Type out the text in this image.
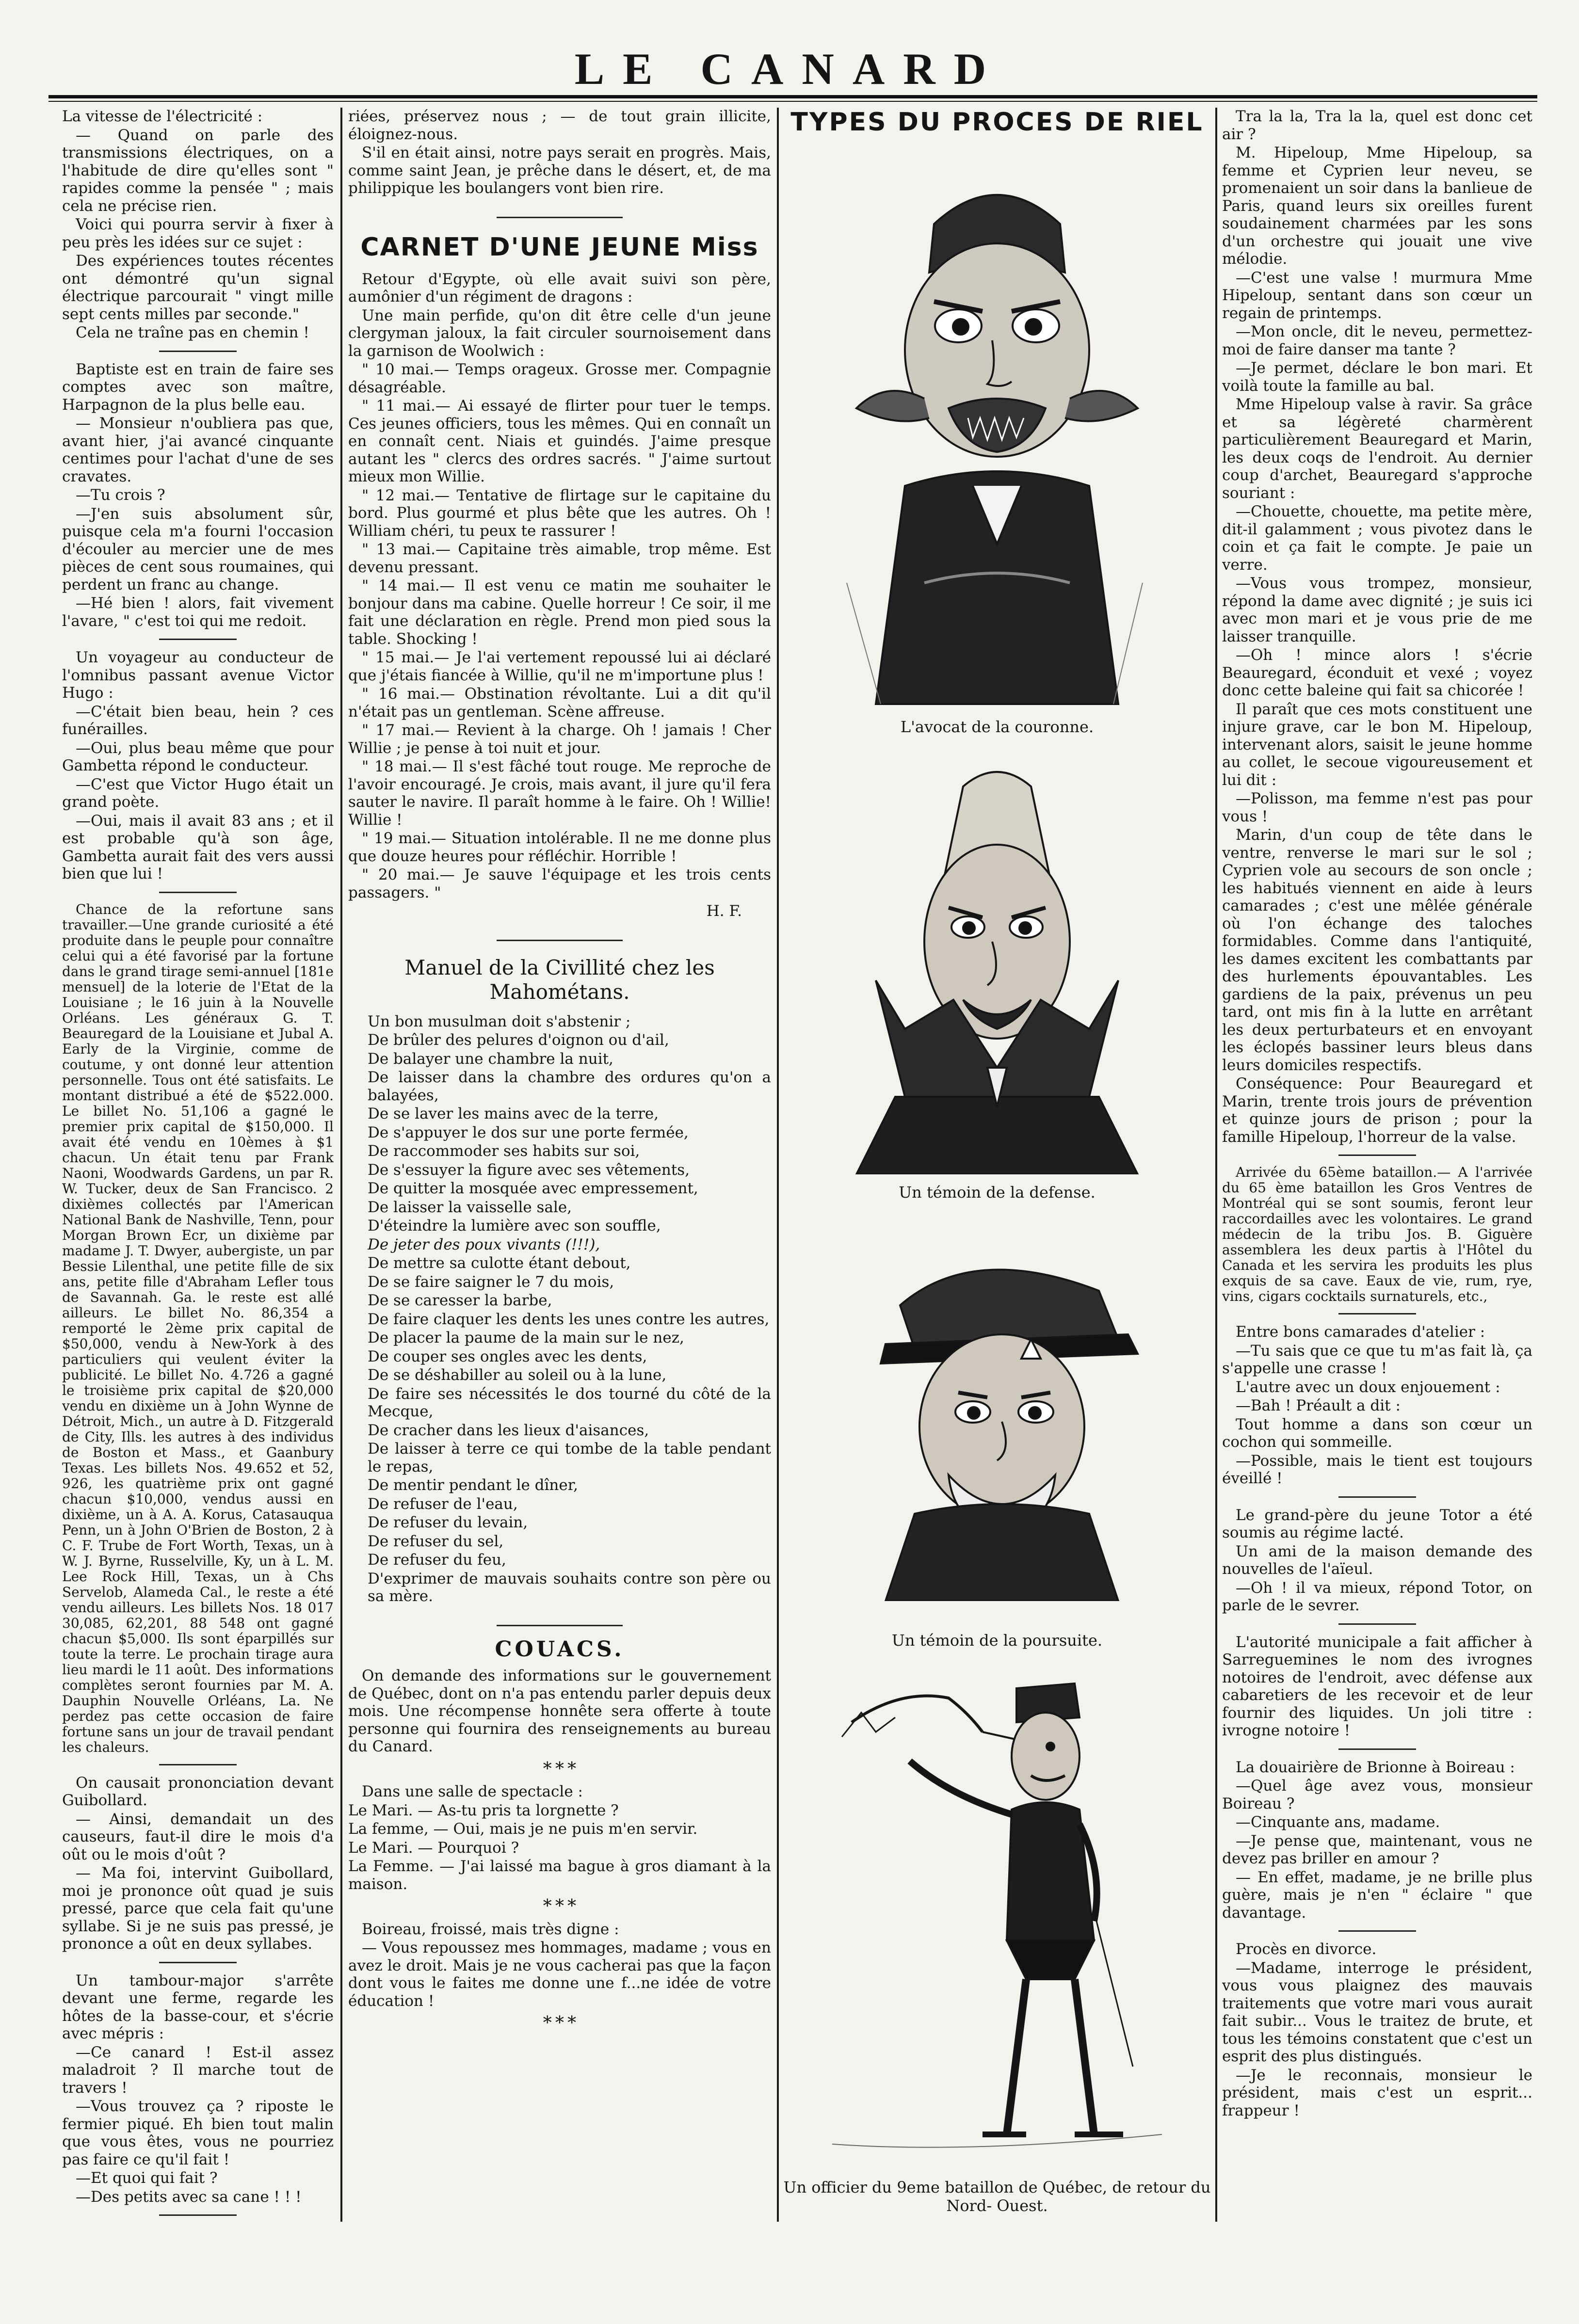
LE CANARD

La vitesse de l'électricité :

— Quand on parle des transmissions électriques, on a l'habitude de dire qu'elles sont " rapides comme la pensée " ; mais cela ne précise rien.

Voici qui pourra servir à fixer à peu près les idées sur ce sujet :

Des expériences toutes récentes ont démontré qu'un signal électrique parcourait " vingt mille sept cents milles par seconde."

Cela ne traîne pas en chemin !

Baptiste est en train de faire ses comptes avec son maître, Harpagnon de la plus belle eau.

— Monsieur n'oubliera pas que, avant hier, j'ai avancé cinquante centimes pour l'achat d'une de ses cravates.

—Tu crois ?

—J'en suis absolument sûr, puisque cela m'a fourni l'occasion d'écouler au mercier une de mes pièces de cent sous roumaines, qui perdent un franc au change.

—Hé bien ! alors, fait vivement l'avare, " c'est toi qui me redoit.

Un voyageur au conducteur de l'omnibus passant avenue Victor Hugo :

—C'était bien beau, hein ? ces funérailles.

—Oui, plus beau même que pour Gambetta répond le conducteur.

—C'est que Victor Hugo était un grand poète.

—Oui, mais il avait 83 ans ; et il est probable qu'à son âge, Gambetta aurait fait des vers aussi bien que lui !

Chance de la refortune sans travailler.—Une grande curiosité a été produite dans le peuple pour connaître celui qui a été favorisé par la fortune dans le grand tirage semi-annuel [181e mensuel] de la loterie de l'Etat de la Louisiane ; le 16 juin à la Nouvelle Orléans. Les généraux G. T. Beauregard de la Louisiane et Jubal A. Early de la Virginie, comme de coutume, y ont donné leur attention personnelle. Tous ont été satisfaits. Le montant distribué a été de $522.000. Le billet No. 51,106 a gagné le premier prix capital de $150,000. Il avait été vendu en 10èmes à $1 chacun. Un était tenu par Frank Naoni, Woodwards Gardens, un par R. W. Tucker, deux de San Francisco. 2 dixièmes collectés par l'American National Bank de Nashville, Tenn, pour Morgan Brown Ecr, un dixième par madame J. T. Dwyer, aubergiste, un par Bessie Lilenthal, une petite fille de six ans, petite fille d'Abraham Lefler tous de Savannah. Ga. le reste est allé ailleurs. Le billet No. 86,354 a remporté le 2ème prix capital de $50,000, vendu à New-York à des particuliers qui veulent éviter la publicité. Le billet No. 4.726 a gagné le troisième prix capital de $20,000 vendu en dixième un à John Wynne de Détroit, Mich., un autre à D. Fitzgerald de City, Ills. les autres à des individus de Boston et Mass., et Gaanbury Texas. Les billets Nos. 49.652 et 52, 926, les quatrième prix ont gagné chacun $10,000, vendus aussi en dixième, un à A. A. Korus, Catasauqua Penn, un à John O'Brien de Boston, 2 à C. F. Trube de Fort Worth, Texas, un à W. J. Byrne, Russelville, Ky, un à L. M. Lee Rock Hill, Texas, un à Chs Servelob, Alameda Cal., le reste a été vendu ailleurs. Les billets Nos. 18 017 30,085, 62,201, 88 548 ont gagné chacun $5,000. Ils sont éparpillés sur toute la terre. Le prochain tirage aura lieu mardi le 11 août. Des informations complètes seront fournies par M. A. Dauphin Nouvelle Orléans, La. Ne perdez pas cette occasion de faire fortune sans un jour de travail pendant les chaleurs.

On causait prononciation devant Guibollard.

— Ainsi, demandait un des causeurs, faut-il dire le mois d'a oût ou le mois d'oût ?

— Ma foi, intervint Guibollard, moi je prononce oût quad je suis pressé, parce que cela fait qu'une syllabe. Si je ne suis pas pressé, je prononce a oût en deux syllabes.

Un tambour-major s'arrête devant une ferme, regarde les hôtes de la basse-cour, et s'écrie avec mépris :

—Ce canard ! Est-il assez maladroit ? Il marche tout de travers !

—Vous trouvez ça ? riposte le fermier piqué. Eh bien tout malin que vous êtes, vous ne pourriez pas faire ce qu'il fait !

—Et quoi qui fait ?

—Des petits avec sa cane ! ! !

riées, préservez nous ; — de tout grain illicite, éloignez-nous.

S'il en était ainsi, notre pays serait en progrès. Mais, comme saint Jean, je prêche dans le désert, et, de ma philippique les boulangers vont bien rire.

CARNET D'UNE JEUNE Miss

Retour d'Egypte, où elle avait suivi son père, aumônier d'un régiment de dragons :

Une main perfide, qu'on dit être celle d'un jeune clergyman jaloux, la fait circuler sournoisement dans la garnison de Woolwich :

" 10 mai.— Temps orageux. Grosse mer. Compagnie désagréable.

" 11 mai.— Ai essayé de flirter pour tuer le temps. Ces jeunes officiers, tous les mêmes. Qui en connaît un en connaît cent. Niais et guindés. J'aime presque autant les " clercs des ordres sacrés. " J'aime surtout mieux mon Willie.

" 12 mai.— Tentative de flirtage sur le capitaine du bord. Plus gourmé et plus bête que les autres. Oh ! William chéri, tu peux te rassurer !

" 13 mai.— Capitaine très aimable, trop même. Est devenu pressant.

" 14 mai.— Il est venu ce matin me souhaiter le bonjour dans ma cabine. Quelle horreur ! Ce soir, il me fait une déclaration en règle. Prend mon pied sous la table. Shocking !

" 15 mai.— Je l'ai vertement repoussé lui ai déclaré que j'étais fiancée à Willie, qu'il ne m'importune plus !

" 16 mai.— Obstination révoltante. Lui a dit qu'il n'était pas un gentleman. Scène affreuse.

" 17 mai.— Revient à la charge. Oh ! jamais ! Cher Willie ; je pense à toi nuit et jour.

" 18 mai.— Il s'est fâché tout rouge. Me reproche de l'avoir encouragé. Je crois, mais avant, il jure qu'il fera sauter le navire. Il paraît homme à le faire. Oh ! Willie! Willie !

" 19 mai.— Situation intolérable. Il ne me donne plus que douze heures pour réfléchir. Horrible !

" 20 mai.— Je sauve l'équipage et les trois cents passagers. "

H. F.

Manuel de la Civillité chez les Mahométans.

Un bon musulman doit s'abstenir ;

De brûler des pelures d'oignon ou d'ail,

De balayer une chambre la nuit,

De laisser dans la chambre des ordures qu'on a balayées,

De se laver les mains avec de la terre,

De s'appuyer le dos sur une porte fermée,

De raccommoder ses habits sur soi,

De s'essuyer la figure avec ses vêtements,

De quitter la mosquée avec empressement,

De laisser la vaisselle sale,

D'éteindre la lumière avec son souffle,

De jeter des poux vivants (!!!),

De mettre sa culotte étant debout,

De se faire saigner le 7 du mois,

De se caresser la barbe,

De faire claquer les dents les unes contre les autres,

De placer la paume de la main sur le nez,

De couper ses ongles avec les dents,

De se déshabiller au soleil ou à la lune,

De faire ses nécessités le dos tourné du côté de la Mecque,

De cracher dans les lieux d'aisances,

De laisser à terre ce qui tombe de la table pendant le repas,

De mentir pendant le dîner,

De refuser de l'eau,

De refuser du levain,

De refuser du sel,

De refuser du feu,

D'exprimer de mauvais souhaits contre son père ou sa mère.

COUACS.

On demande des informations sur le gouvernement de Québec, dont on n'a pas entendu parler depuis deux mois. Une récompense honnête sera offerte à toute personne qui fournira des renseignements au bureau du Canard.

* * *

Dans une salle de spectacle :

Le Mari. — As-tu pris ta lorgnette ?

La femme, — Oui, mais je ne puis m'en servir.

Le Mari. — Pourquoi ?

La Femme. — J'ai laissé ma bague à gros diamant à la maison.

* * *

Boireau, froissé, mais très digne :

— Vous repoussez mes hommages, madame ; vous en avez le droit. Mais je ne vous cacherai pas que la façon dont vous le faites me donne une f...ne idée de votre éducation !

* * *
TYPES DU PROCES DE RIEL
L'avocat de la couronne.
Un témoin de la defense.
Un témoin de la poursuite.
Un officier du 9eme bataillon de Québec, de retour du Nord- Ouest.

Tra la la, Tra la la, quel est donc cet air ?

M. Hipeloup, Mme Hipeloup, sa femme et Cyprien leur neveu, se promenaient un soir dans la banlieue de Paris, quand leurs six oreilles furent soudainement charmées par les sons d'un orchestre qui jouait une vive mélodie.

—C'est une valse ! murmura Mme Hipeloup, sentant dans son cœur un regain de printemps.

—Mon oncle, dit le neveu, permettez-moi de faire danser ma tante ?

—Je permet, déclare le bon mari. Et voilà toute la famille au bal.

Mme Hipeloup valse à ravir. Sa grâce et sa légèreté charmèrent particulièrement Beauregard et Marin, les deux coqs de l'endroit. Au dernier coup d'archet, Beauregard s'approche souriant :

—Chouette, chouette, ma petite mère, dit-il galamment ; vous pivotez dans le coin et ça fait le compte. Je paie un verre.

—Vous vous trompez, monsieur, répond la dame avec dignité ; je suis ici avec mon mari et je vous prie de me laisser tranquille.

—Oh ! mince alors ! s'écrie Beauregard, éconduit et vexé ; voyez donc cette baleine qui fait sa chicorée !

Il paraît que ces mots constituent une injure grave, car le bon M. Hipeloup, intervenant alors, saisit le jeune homme au collet, le secoue vigoureusement et lui dit :

—Polisson, ma femme n'est pas pour vous !

Marin, d'un coup de tête dans le ventre, renverse le mari sur le sol ; Cyprien vole au secours de son oncle ; les habitués viennent en aide à leurs camarades ; c'est une mêlée générale où l'on échange des taloches formidables. Comme dans l'antiquité, les dames excitent les combattants par des hurlements épouvantables. Les gardiens de la paix, prévenus un peu tard, ont mis fin à la lutte en arrêtant les deux perturbateurs et en envoyant les éclopés bassiner leurs bleus dans leurs domiciles respectifs.

Conséquence: Pour Beauregard et Marin, trente trois jours de prévention et quinze jours de prison ; pour la famille Hipeloup, l'horreur de la valse.

Arrivée du 65ème bataillon.— A l'arrivée du 65 ème bataillon les Gros Ventres de Montréal qui se sont soumis, feront leur raccordailles avec les volontaires. Le grand médecin de la tribu Jos. B. Giguère assemblera les deux partis à l'Hôtel du Canada et les servira les produits les plus exquis de sa cave. Eaux de vie, rum, rye, vins, cigars cocktails surnaturels, etc.,

Entre bons camarades d'atelier :

—Tu sais que ce que tu m'as fait là, ça s'appelle une crasse !

L'autre avec un doux enjouement :

—Bah ! Préault a dit :

Tout homme a dans son cœur un cochon qui sommeille.

—Possible, mais le tient est toujours éveillé !

Le grand-père du jeune Totor a été soumis au régime lacté.

Un ami de la maison demande des nouvelles de l'aïeul.

—Oh ! il va mieux, répond Totor, on parle de le sevrer.

L'autorité municipale a fait afficher à Sarreguemines le nom des ivrognes notoires de l'endroit, avec défense aux cabaretiers de les recevoir et de leur fournir des liquides. Un joli titre : ivrogne notoire !

La douairière de Brionne à Boireau :

—Quel âge avez vous, monsieur Boireau ?

—Cinquante ans, madame.

—Je pense que, maintenant, vous ne devez pas briller en amour ?

— En effet, madame, je ne brille plus guère, mais je n'en " éclaire " que davantage.

Procès en divorce.

—Madame, interroge le président, vous vous plaignez des mauvais traitements que votre mari vous aurait fait subir... Vous le traitez de brute, et tous les témoins constatent que c'est un esprit des plus distingués.

—Je le reconnais, monsieur le président, mais c'est un esprit... frappeur !
